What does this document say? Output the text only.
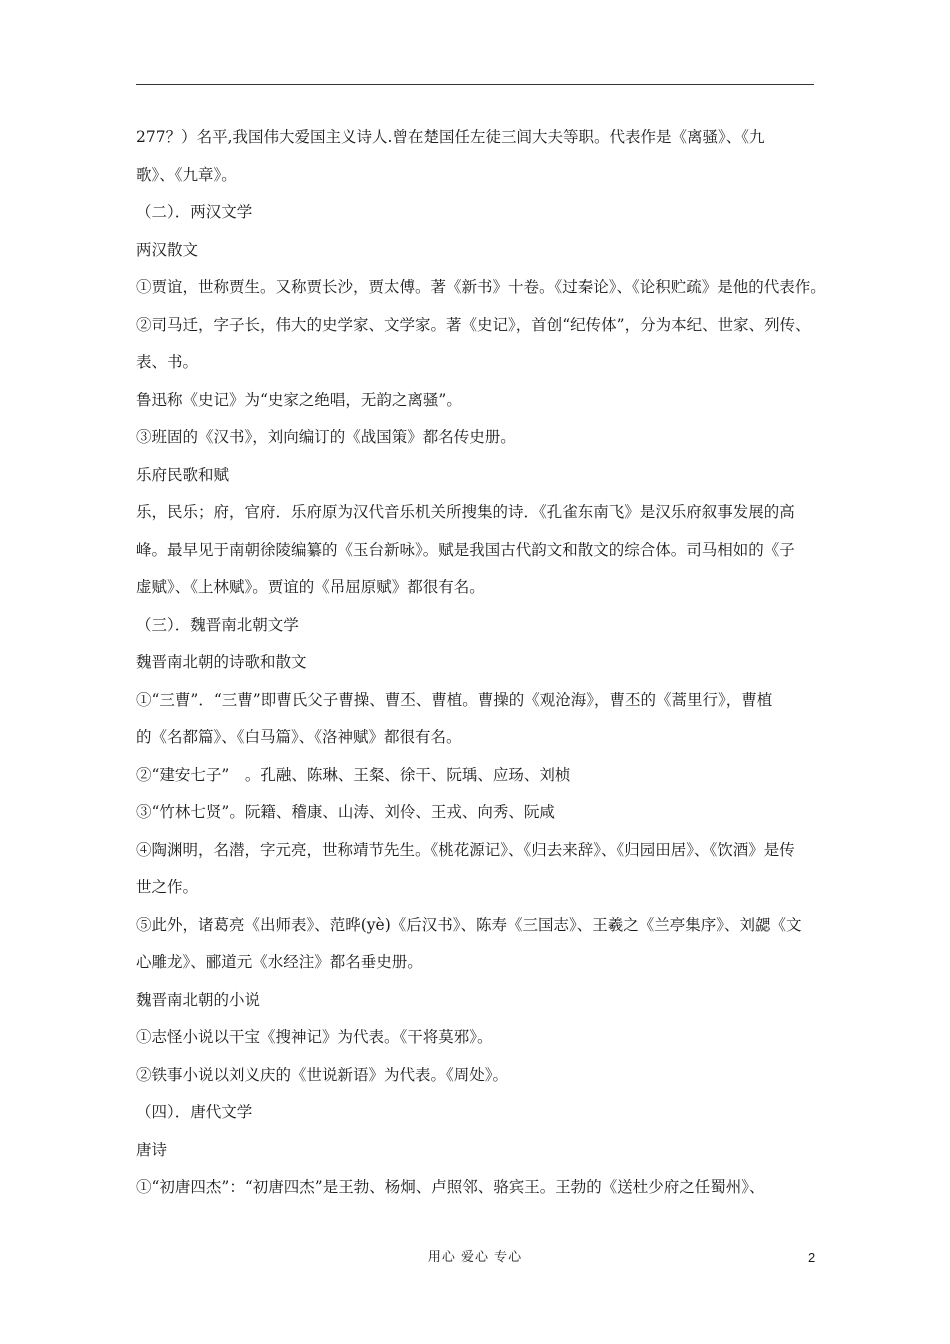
277？）名平,我国伟大爱国主义诗人.曾在楚国任左徒三闾大夫等职。代表作是《离骚》、《九
歌》、《九章》。
（二）．两汉文学
两汉散文
①贾谊，世称贾生。又称贾长沙，贾太傅。著《新书》十卷。《过秦论》、《论积贮疏》是他的代表作。
②司马迁，字子长，伟大的史学家、文学家。著《史记》，首创“纪传体”，分为本纪、世家、列传、
表、书。
鲁迅称《史记》为“史家之绝唱，无韵之离骚”。
③班固的《汉书》，刘向编订的《战国策》都名传史册。
乐府民歌和赋
乐，民乐；府，官府．乐府原为汉代音乐机关所搜集的诗．《孔雀东南飞》是汉乐府叙事发展的高
峰。最早见于南朝徐陵编纂的《玉台新咏》。赋是我国古代韵文和散文的综合体。司马相如的《子
虚赋》、《上林赋》。贾谊的《吊屈原赋》都很有名。
（三）．魏晋南北朝文学
魏晋南北朝的诗歌和散文
①“三曹”．“三曹”即曹氏父子曹操、曹丕、曹植。曹操的《观沧海》，曹丕的《蒿里行》，曹植
的《名都篇》、《白马篇》、《洛神赋》都很有名。
②“建安七子”　。孔融、陈琳、王粲、徐干、阮瑀、应玚、刘桢
③“竹林七贤”。阮籍、稽康、山涛、刘伶、王戎、向秀、阮咸
④陶渊明，名潜，字元亮，世称靖节先生。《桃花源记》、《归去来辞》、《归园田居》、《饮酒》是传
世之作。
⑤此外，诸葛亮《出师表》、范晔(yè)《后汉书》、陈寿《三国志》、王羲之《兰亭集序》、刘勰《文
心雕龙》、郦道元《水经注》都名垂史册。
魏晋南北朝的小说
①志怪小说以干宝《搜神记》为代表。《干将莫邪》。
②铁事小说以刘义庆的《世说新语》为代表。《周处》。
（四）．唐代文学
唐诗
①“初唐四杰”：“初唐四杰”是王勃、杨炯、卢照邻、骆宾王。王勃的《送杜少府之任蜀州》、
用心 爱心 专心	2
